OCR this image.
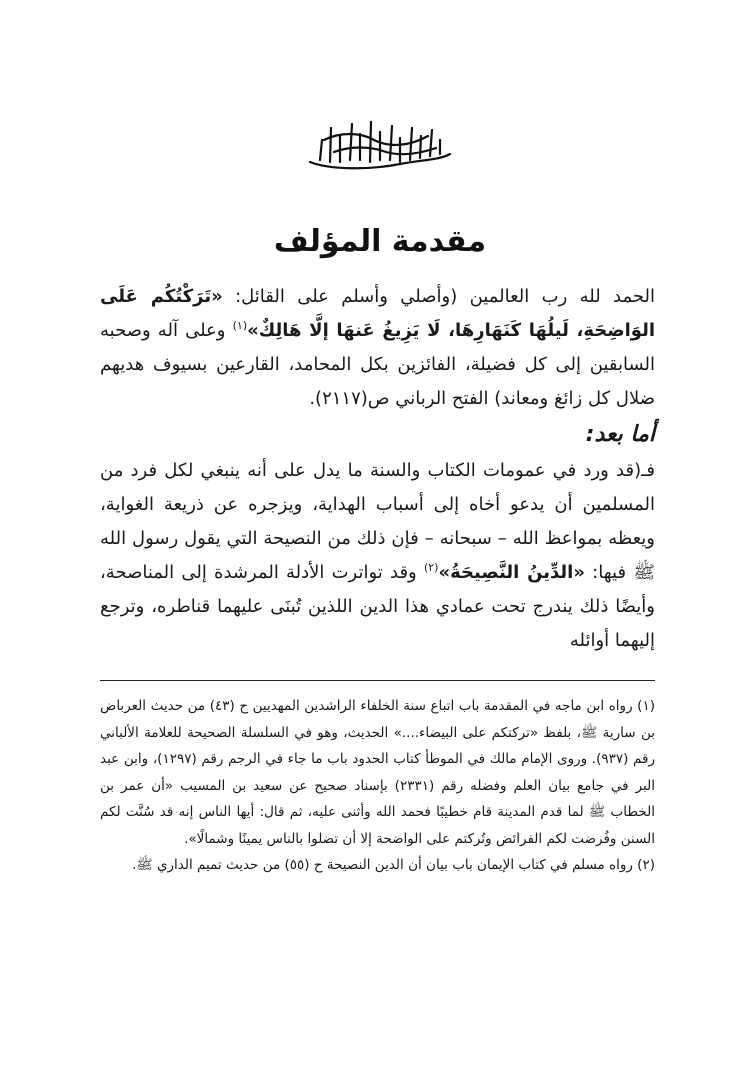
مقدمة المؤلف

الحمد لله رب العالمين (وأصلي وأسلم على القائل: «تَرَكْتُكُم عَلَى الوَاضِحَةِ، لَيلُهَا كَنَهَارِهَا، لَا يَزِيغُ عَنهَا إلَّا هَالِكٌ»$^{(١)}$ وعلى آله وصحبه السابقين إلى كل فضيلة، الفائزين بكل المحامد، القارعين بسيوف هديهم ضلال كل زائغ ومعاند) الفتح الرباني ص(٢١١٧).

أما بعد:

فـ(قد ورد في عمومات الكتاب والسنة ما يدل على أنه ينبغي لكل فرد من المسلمين أن يدعو أخاه إلى أسباب الهداية، ويزجره عن ذريعة الغواية، ويعظه بمواعظ الله – سبحانه – فإن ذلك من النصيحة التي يقول رسول الله ﷺ فيها: «الدِّينُ النَّصِيحَةُ»$^{(٢)}$ وقد تواترت الأدلة المرشدة إلى المناصحة، وأيضًا ذلك يندرج تحت عمادي هذا الدين اللذين تُبنَى عليهما قناطره، وترجع إليهما أوائله

(١) رواه ابن ماجه في المقدمة باب اتباع سنة الخلفاء الراشدين المهديين ح (٤٣) من حديث العرباض بن سارية ﷺ، بلفظ «تركتكم على البيضاء....» الحديث، وهو في السلسلة الصحيحة للعلامة الألباني رقم (٩٣٧). وروى الإمام مالك في الموطأ كتاب الحدود باب ما جاء في الرجم رقم (١٢٩٧)، وابن عبد البر في جامع بيان العلم وفضله رقم (٢٣٣١) بإسناد صحيح عن سعيد بن المسيب «أن عمر بن الخطاب ﷺ لما قدم المدينة قام خطيبًا فحمد الله وأثنى عليه، ثم قال: أيها الناس إنه قد سُنَّت لكم السنن وفُرضت لكم الفرائض وتُركتم على الواضحة إلا أن تضلوا بالناس يمينًا وشمالًا».

(٢) رواه مسلم في كتاب الإيمان باب بيان أن الدين النصيحة ح (٥٥) من حديث تميم الداري ﷺ.
